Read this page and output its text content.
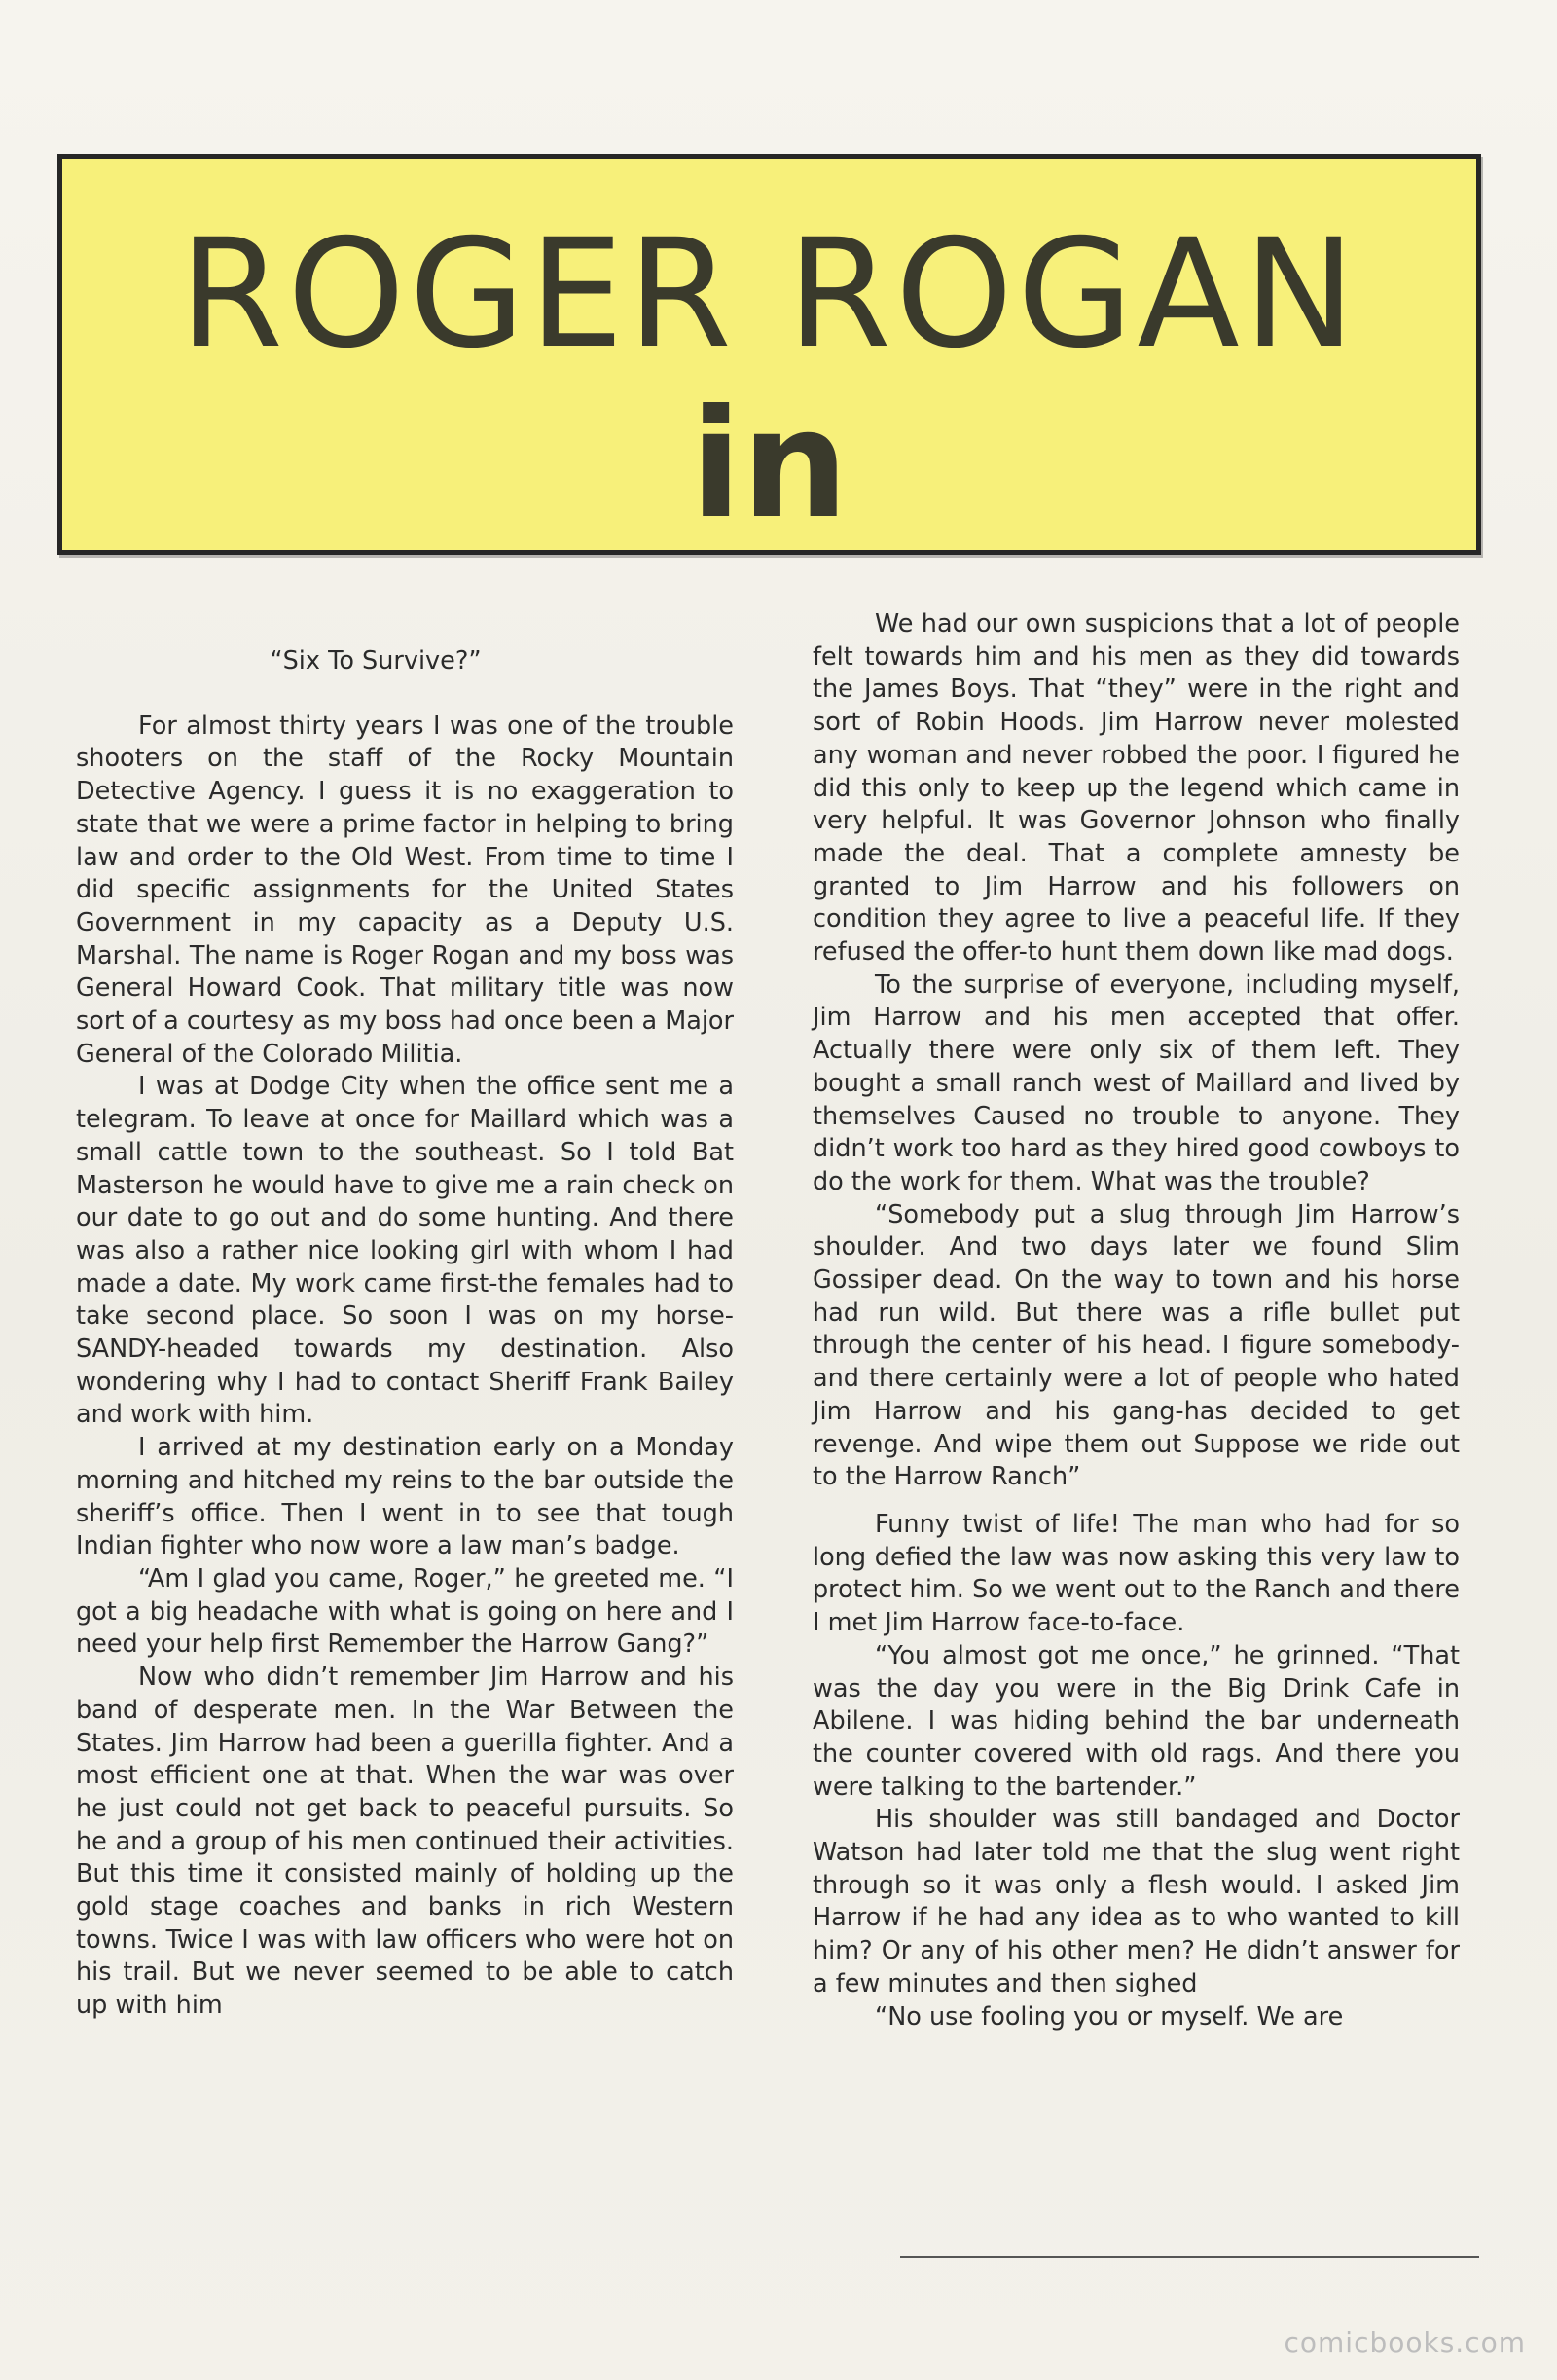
ROGER ROGAN
in

“Six To Survive?”

For almost thirty years I was one of the trouble shooters on the staff of the Rocky Mountain Detective Agency. I guess it is no exaggeration to state that we were a prime factor in helping to bring law and order to the Old West. From time to time I did specific assignments for the United States Government in my capacity as a Deputy U.S. Marshal. The name is Roger Rogan and my boss was General Howard Cook. That military title was now sort of a courtesy as my boss had once been a Major General of the Colorado Militia.

I was at Dodge City when the office sent me a telegram. To leave at once for Maillard which was a small cattle town to the southeast. So I told Bat Masterson he would have to give me a rain check on our date to go out and do some hunting. And there was also a rather nice looking girl with whom I had made a date. My work came first-the females had to take second place. So soon I was on my horse-SANDY-headed towards my destination. Also wondering why I had to contact Sheriff Frank Bailey and work with him.

I arrived at my destination early on a Monday morning and hitched my reins to the bar outside the sheriff’s office. Then I went in to see that tough Indian fighter who now wore a law man’s badge.

“Am I glad you came, Roger,” he greeted me. “I got a big headache with what is going on here and I need your help first Remember the Harrow Gang?”

Now who didn’t remember Jim Harrow and his band of desperate men. In the War Between the States. Jim Harrow had been a guerilla fighter. And a most efficient one at that. When the war was over he just could not get back to peaceful pursuits. So he and a group of his men continued their activities. But this time it consisted mainly of holding up the gold stage coaches and banks in rich Western towns. Twice I was with law officers who were hot on his trail. But we never seemed to be able to catch up with him

We had our own suspicions that a lot of people felt towards him and his men as they did towards the James Boys. That “they” were in the right and sort of Robin Hoods. Jim Harrow never molested any woman and never robbed the poor. I figured he did this only to keep up the legend which came in very helpful. It was Governor Johnson who finally made the deal. That a complete amnesty be granted to Jim Harrow and his followers on condition they agree to live a peaceful life. If they refused the offer-to hunt them down like mad dogs.

To the surprise of everyone, including myself, Jim Harrow and his men accepted that offer. Actually there were only six of them left. They bought a small ranch west of Maillard and lived by themselves Caused no trouble to anyone. They didn’t work too hard as they hired good cowboys to do the work for them. What was the trouble?

“Somebody put a slug through Jim Harrow’s shoulder. And two days later we found Slim Gossiper dead. On the way to town and his horse had run wild. But there was a rifle bullet put through the center of his head. I figure somebody-and there certainly were a lot of people who hated Jim Harrow and his gang-has decided to get revenge. And wipe them out Suppose we ride out to the Harrow Ranch”

Funny twist of life! The man who had for so long defied the law was now asking this very law to protect him. So we went out to the Ranch and there I met Jim Harrow face-to-face.

“You almost got me once,” he grinned. “That was the day you were in the Big Drink Cafe in Abilene. I was hiding behind the bar underneath the counter covered with old rags. And there you were talking to the bartender.”

His shoulder was still bandaged and Doctor Watson had later told me that the slug went right through so it was only a flesh would. I asked Jim Harrow if he had any idea as to who wanted to kill him? Or any of his other men? He didn’t answer for a few minutes and then sighed

“No use fooling you or myself. We are

comicbooks.com
